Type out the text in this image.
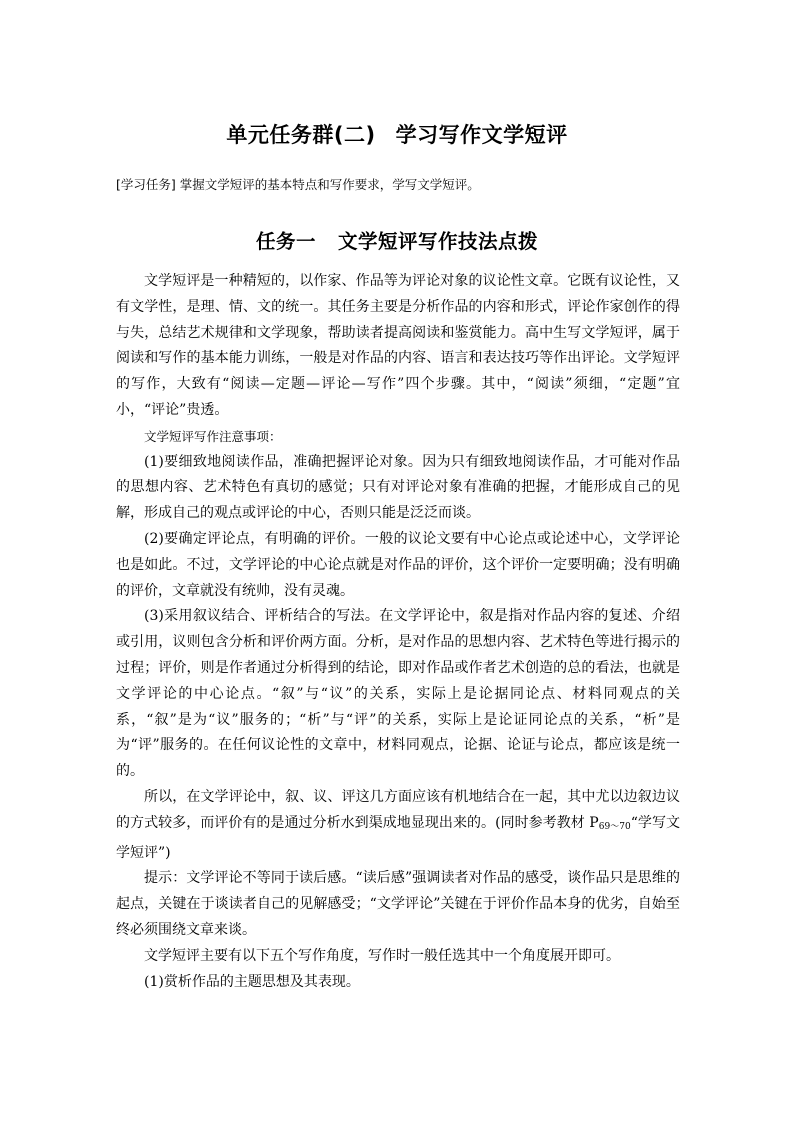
单元任务群(二) 学习写作文学短评

[学习任务] 掌握文学短评的基本特点和写作要求，学写文学短评。

任务一 文学短评写作技法点拨

文学短评是一种精短的，以作家、作品等为评论对象的议论性文章。它既有议论性，又有文学性，是理、情、文的统一。其任务主要是分析作品的内容和形式，评论作家创作的得与失，总结艺术规律和文学现象，帮助读者提高阅读和鉴赏能力。高中生写文学短评，属于阅读和写作的基本能力训练，一般是对作品的内容、语言和表达技巧等作出评论。文学短评的写作，大致有“阅读—定题—评论—写作”四个步骤。其中，“阅读”须细，“定题”宜小，“评论”贵透。

文学短评写作注意事项：

(1)要细致地阅读作品，准确把握评论对象。因为只有细致地阅读作品，才可能对作品的思想内容、艺术特色有真切的感觉；只有对评论对象有准确的把握，才能形成自己的见解，形成自己的观点或评论的中心，否则只能是泛泛而谈。

(2)要确定评论点，有明确的评价。一般的议论文要有中心论点或论述中心，文学评论也是如此。不过，文学评论的中心论点就是对作品的评价，这个评价一定要明确；没有明确的评价，文章就没有统帅，没有灵魂。

(3)采用叙议结合、评析结合的写法。在文学评论中，叙是指对作品内容的复述、介绍或引用，议则包含分析和评价两方面。分析，是对作品的思想内容、艺术特色等进行揭示的过程；评价，则是作者通过分析得到的结论，即对作品或作者艺术创造的总的看法，也就是文学评论的中心论点。“叙”与“议”的关系，实际上是论据同论点、材料同观点的关系，“叙”是为“议”服务的；“析”与“评”的关系，实际上是论证同论点的关系，“析”是为“评”服务的。在任何议论性的文章中，材料同观点，论据、论证与论点，都应该是统一的。

所以，在文学评论中，叙、议、评这几方面应该有机地结合在一起，其中尤以边叙边议的方式较多，而评价有的是通过分析水到渠成地显现出来的。(同时参考教材 $P_{69\sim 70}“$学写文学短评”)

提示：文学评论不等同于读后感。“读后感”强调读者对作品的感受，谈作品只是思维的起点，关键在于谈读者自己的见解感受；“文学评论”关键在于评价作品本身的优劣，自始至终必须围绕文章来谈。

文学短评主要有以下五个写作角度，写作时一般任选其中一个角度展开即可。

(1)赏析作品的主题思想及其表现。
